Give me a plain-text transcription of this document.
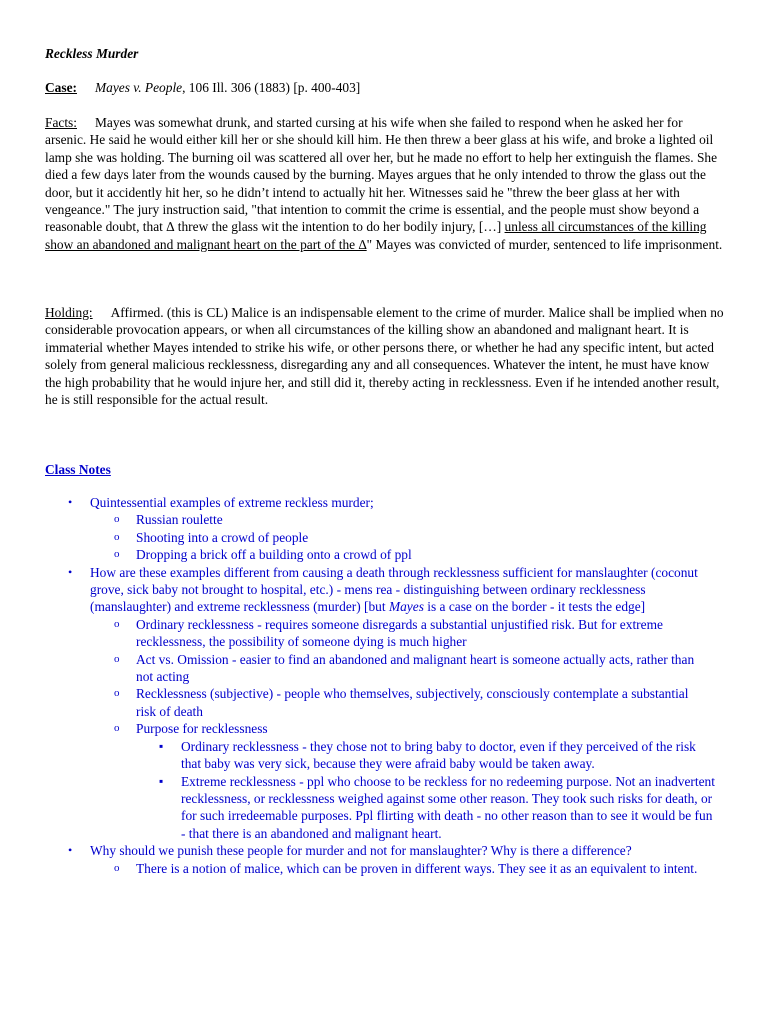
Reckless Murder
Case: Mayes v. People, 106 Ill. 306 (1883) [p. 400-403]
Facts: Mayes was somewhat drunk, and started cursing at his wife when she failed to respond when he asked her for arsenic. He said he would either kill her or she should kill him. He then threw a beer glass at his wife, and broke a lighted oil lamp she was holding. The burning oil was scattered all over her, but he made no effort to help her extinguish the flames. She died a few days later from the wounds caused by the burning. Mayes argues that he only intended to throw the glass out the door, but it accidently hit her, so he didn’t intend to actually hit her. Witnesses said he "threw the beer glass at her with vengeance." The jury instruction said, "that intention to commit the crime is essential, and the people must show beyond a reasonable doubt, that ∆ threw the glass wit the intention to do her bodily injury, […] unless all circumstances of the killing show an abandoned and malignant heart on the part of the ∆" Mayes was convicted of murder, sentenced to life imprisonment.
Holding: Affirmed. (this is CL) Malice is an indispensable element to the crime of murder. Malice shall be implied when no considerable provocation appears, or when all circumstances of the killing show an abandoned and malignant heart. It is immaterial whether Mayes intended to strike his wife, or other persons there, or whether he had any specific intent, but acted solely from general malicious recklessness, disregarding any and all consequences. Whatever the intent, he must have know the high probability that he would injure her, and still did it, thereby acting in recklessness. Even if he intended another result, he is still responsible for the actual result.
Class Notes
• Quintessential examples of extreme reckless murder;
o Russian roulette
o Shooting into a crowd of people
o Dropping a brick off a building onto a crowd of ppl
• How are these examples different from causing a death through recklessness sufficient for manslaughter (coconut grove, sick baby not brought to hospital, etc.) - mens rea - distinguishing between ordinary recklessness (manslaughter) and extreme recklessness (murder) [but Mayes is a case on the border - it tests the edge]
o Ordinary recklessness - requires someone disregards a substantial unjustified risk. But for extreme recklessness, the possibility of someone dying is much higher
o Act vs. Omission - easier to find an abandoned and malignant heart is someone actually acts, rather than not acting
o Recklessness (subjective) - people who themselves, subjectively, consciously contemplate a substantial risk of death
o Purpose for recklessness
▪ Ordinary recklessness - they chose not to bring baby to doctor, even if they perceived of the risk that baby was very sick, because they were afraid baby would be taken away.
▪ Extreme recklessness - ppl who choose to be reckless for no redeeming purpose. Not an inadvertent recklessness, or recklessness weighed against some other reason. They took such risks for death, or for such irredeemable purposes. Ppl flirting with death - no other reason than to see it would be fun - that there is an abandoned and malignant heart.
• Why should we punish these people for murder and not for manslaughter? Why is there a difference?
o There is a notion of malice, which can be proven in different ways. They see it as an equivalent to intent.
